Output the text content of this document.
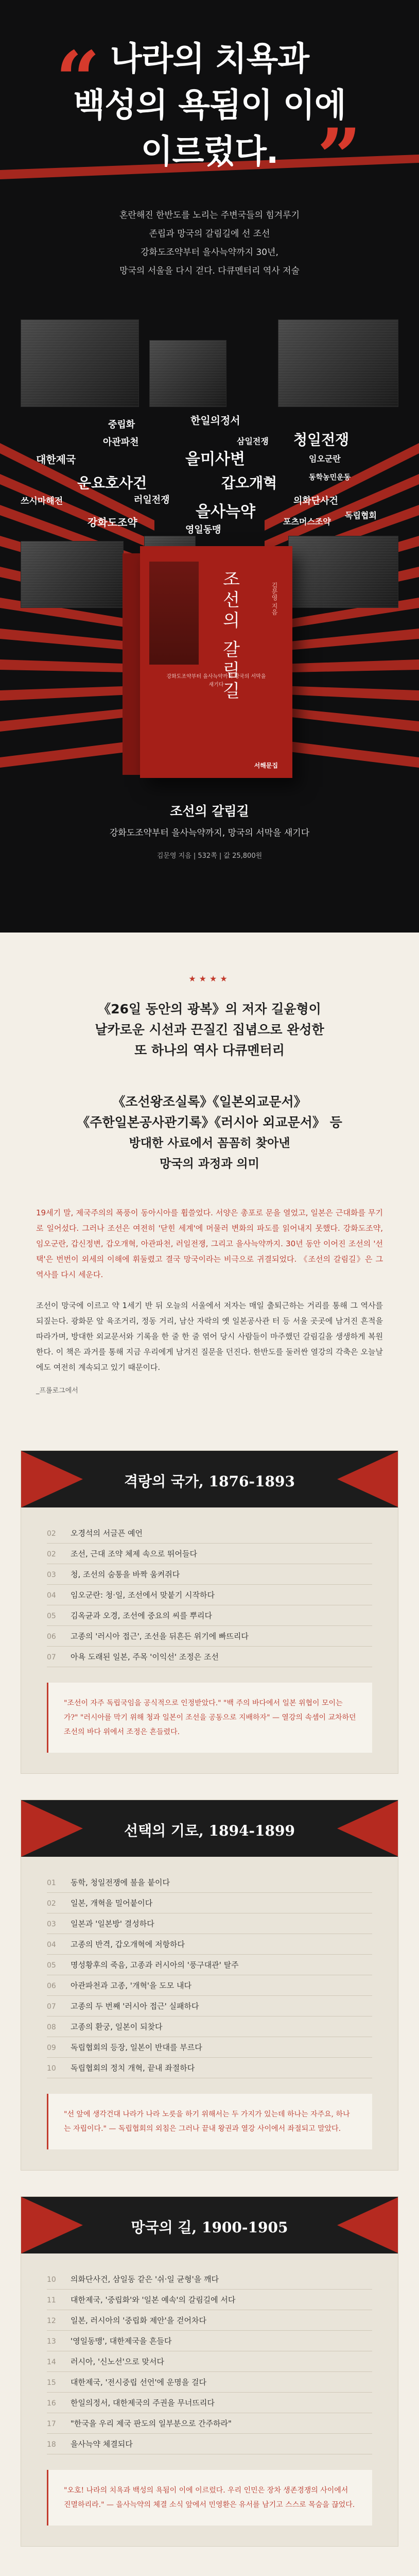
“ 나라의 치욕과
백성의 욕됨이 이에
이르렀다. ”
혼란해진 한반도를 노리는 주변국들의 힘겨루기
존립과 망국의 갈림길에 선 조선
강화도조약부터 을사늑약까지 30년,
망국의 서울을 다시 걷다. 다큐멘터리 역사 저술
중립화	한일의정서
아관파천	삼일전쟁 청일전쟁
대한제국	을미사변	임오군란
운요호사건	갑오개혁
쓰시마해전	러일전쟁
을사늑약
의화단사건
독립협회
강화도조약	포츠머스조약
영일동맹
동학농민운동
조선의 갈림길	김문영 지음
강화도조약부터 을사늑약까지 망국의 서막을 새기다
서해문집
조선의 갈림길
강화도조약부터 을사늑약까지, 망국의 서막을 새기다
김문영 지음 | 532쪽 | 값 25,800원
★★★★
《26일 동안의 광복》의 저자 길윤형이
날카로운 시선과 끈질긴 집념으로 완성한
또 하나의 역사 다큐멘터리
《조선왕조실록》《일본외교문서》
《주한일본공사관기록》《러시아 외교문서》 등
방대한 사료에서 꼼꼼히 찾아낸
망국의 과정과 의미

19세기 말, 제국주의의 폭풍이 동아시아를 휩쓸었다. 서양은 총포로 문을 열었고, 일본은 근대화를 무기로 일어섰다. 그러나 조선은 여전히 '닫힌 세계'에 머물러 변화의 파도를 읽어내지 못했다. 강화도조약, 임오군란, 갑신정변, 갑오개혁, 아관파천, 러일전쟁, 그리고 을사늑약까지. 30년 동안 이어진 조선의 '선택'은 번번이 외세의 이해에 휘둘렸고 결국 망국이라는 비극으로 귀결되었다. 《조선의 갈림길》은 그 역사를 다시 세운다.

조선이 망국에 이르고 약 1세기 반 뒤 오늘의 서울에서 저자는 매일 출퇴근하는 거리를 통해 그 역사를 되짚는다. 광화문 앞 육조거리, 정동 거리, 남산 자락의 옛 일본공사관 터 등 서울 곳곳에 남겨진 흔적을 따라가며, 방대한 외교문서와 기록을 한 줄 한 줄 엮어 당시 사람들이 마주했던 갈림길을 생생하게 복원한다. 이 책은 과거를 통해 지금 우리에게 남겨진 질문을 던진다. 한반도를 둘러싼 열강의 각축은 오늘날에도 여전히 계속되고 있기 때문이다.

_프롤로그에서

격랑의 국가, 1876-1893
02	오경석의 서글픈 예언
02	조선, 근대 조약 체제 속으로 뛰어들다
03	청, 조선의 숨통을 바짝 움켜쥐다
04	임오군란: 청·일, 조선에서 맞붙기 시작하다
05	김옥균과 오경, 조선에 중요의 씨를 뿌리다
06	고종의 '러시아 접근', 조선을 뒤흔든 위기에 빠뜨리다
07	아욕 도래된 일본, 주목 '이익선' 조정은 조선
"조선이 자주 독립국임을 공식적으로 인정받았다." "백 주의 바다에서 일본 위협이 모이는 가?" "러시아를 막기 위해 청과 일본이 조선을 공동으로 지배하자" — 열강의 속셈이 교차하던 조선의 바다 위에서 조정은 흔들렸다.
선택의 기로, 1894-1899
01	동학, 청일전쟁에 불을 붙이다
02	일본, 개혁을 밀어붙이다
03	일본과 '일본방' 결성하다
04	고종의 반격, 갑오개혁에 저항하다
05	명성황후의 죽음, 고종과 러시아의 '풍구대관' 탈주
06	아관파천과 고종, '개혁'을 도모 내다
07	고종의 두 번째 '러시아 접근' 실패하다
08	고종의 환궁, 일본이 되찾다
09	독립협회의 등장, 일본이 반대를 부르다
10	독립협회의 정치 개혁, 끝내 좌절하다
"선 앞에 생각건대 나라가 나라 노릇을 하기 위해서는 두 가지가 있는데 하나는 자주요, 하나는 자립이다." — 독립협회의 외침은 그러나 끝내 왕권과 열강 사이에서 좌절되고 말았다.
망국의 길, 1900-1905
10	의화단사건, 삼일동 같은 '쉬·일 균형'을 깨다
11	대한제국, '중립화'와 '일본 예속'의 갈림길에 서다
12	일본, 러시아의 '중립화 제안'을 걷어차다
13	'영일동맹', 대한제국을 흔들다
14	러시아, '신노선'으로 맞서다
15	대한제국, '전시중립 선언'에 운명을 걸다
16	한일의정서, 대한제국의 주권을 무너뜨리다
17	"한국을 우리 제국 판도의 일부분으로 간주하라"
18	을사늑약 체결되다
"오호! 나라의 치욕과 백성의 욕됨이 이에 이르렀다. 우리 인민은 장차 생존경쟁의 사이에서 진멸하리라." — 을사늑약의 체결 소식 앞에서 민영환은 유서를 남기고 스스로 목숨을 끊었다.
